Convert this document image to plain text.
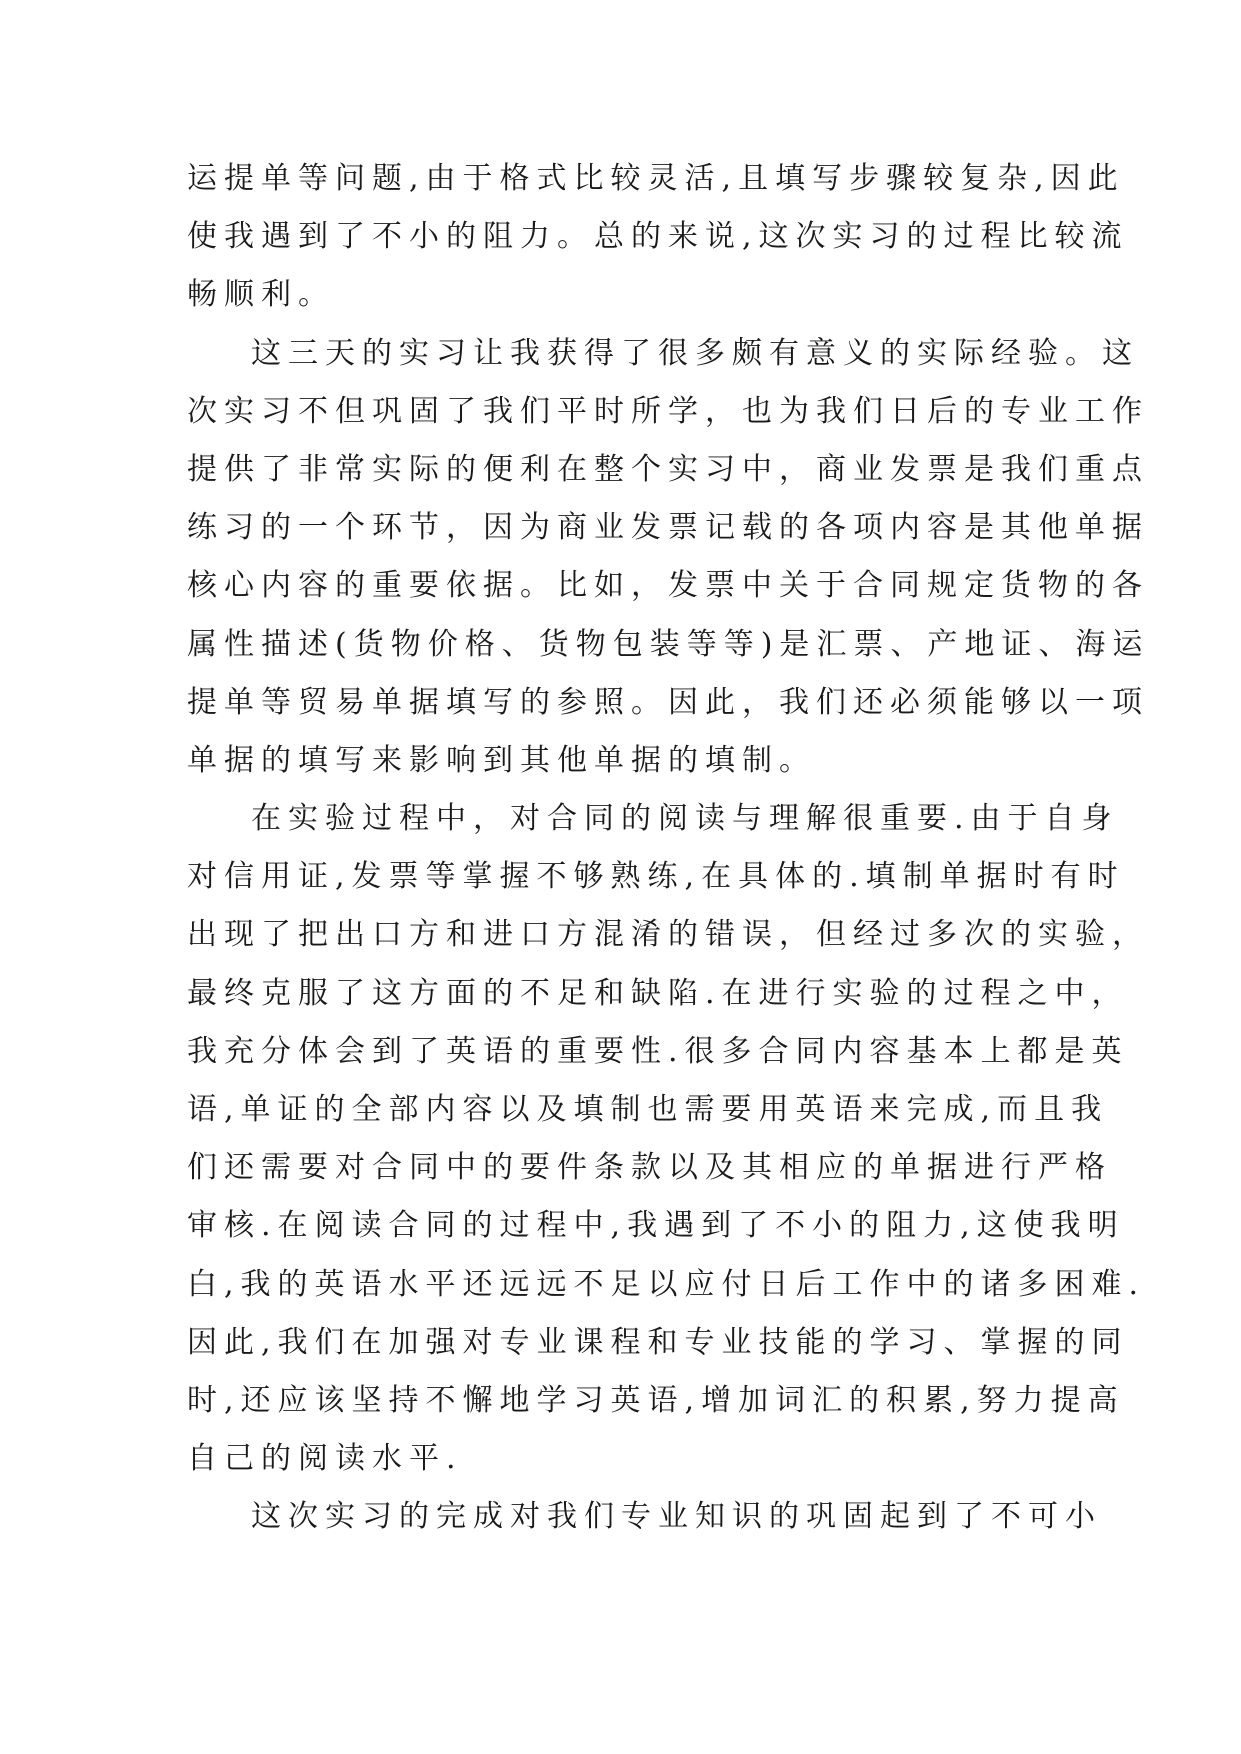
运提单等问题,由于格式比较灵活,且填写步骤较复杂,因此
使我遇到了不小的阻力。总的来说,这次实习的过程比较流
畅顺利。
这三天的实习让我获得了很多颇有意义的实际经验。这
次实习不但巩固了我们平时所学，也为我们日后的专业工作
提供了非常实际的便利在整个实习中，商业发票是我们重点
练习的一个环节，因为商业发票记载的各项内容是其他单据
核心内容的重要依据。比如，发票中关于合同规定货物的各
属性描述(货物价格、货物包装等等)是汇票、产地证、海运
提单等贸易单据填写的参照。因此，我们还必须能够以一项
单据的填写来影响到其他单据的填制。
在实验过程中，对合同的阅读与理解很重要.由于自身
对信用证,发票等掌握不够熟练,在具体的.填制单据时有时
出现了把出口方和进口方混淆的错误，但经过多次的实验，
最终克服了这方面的不足和缺陷.在进行实验的过程之中，
我充分体会到了英语的重要性.很多合同内容基本上都是英
语,单证的全部内容以及填制也需要用英语来完成,而且我
们还需要对合同中的要件条款以及其相应的单据进行严格
审核.在阅读合同的过程中,我遇到了不小的阻力,这使我明
白,我的英语水平还远远不足以应付日后工作中的诸多困难.
因此,我们在加强对专业课程和专业技能的学习、掌握的同
时,还应该坚持不懈地学习英语,增加词汇的积累,努力提高
自己的阅读水平.
这次实习的完成对我们专业知识的巩固起到了不可小
